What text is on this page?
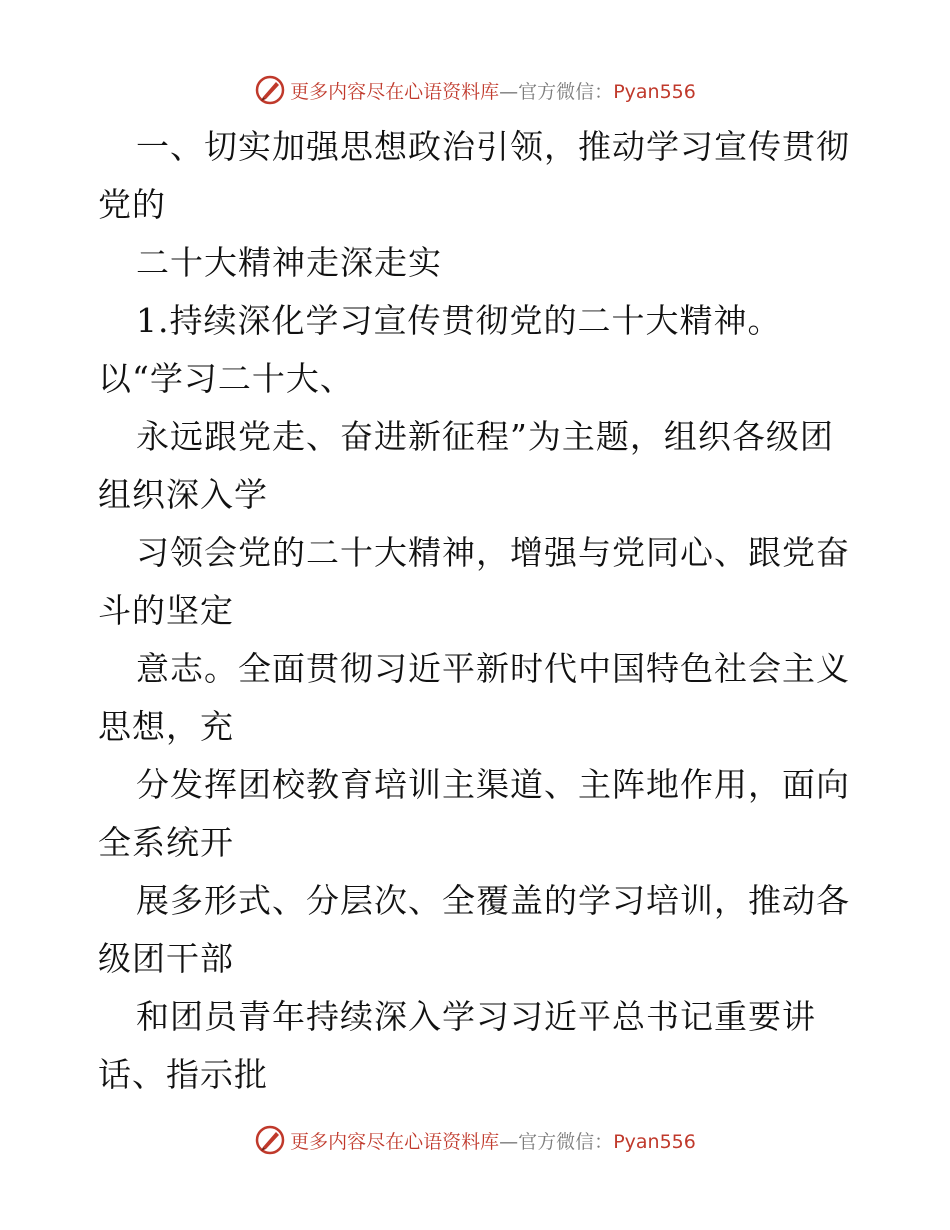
更多内容尽在心语资料库—官方微信：Pyan556
一、切实加强思想政治引领，推动学习宣传贯彻
党的
二十大精神走深走实
1.持续深化学习宣传贯彻党的二十大精神。
以“学习二十大、
永远跟党走、奋进新征程”为主题，组织各级团
组织深入学
习领会党的二十大精神，增强与党同心、跟党奋
斗的坚定
意志。全面贯彻习近平新时代中国特色社会主义
思想，充
分发挥团校教育培训主渠道、主阵地作用，面向
全系统开
展多形式、分层次、全覆盖的学习培训，推动各
级团干部
和团员青年持续深入学习习近平总书记重要讲
话、指示批
更多内容尽在心语资料库—官方微信：Pyan556
